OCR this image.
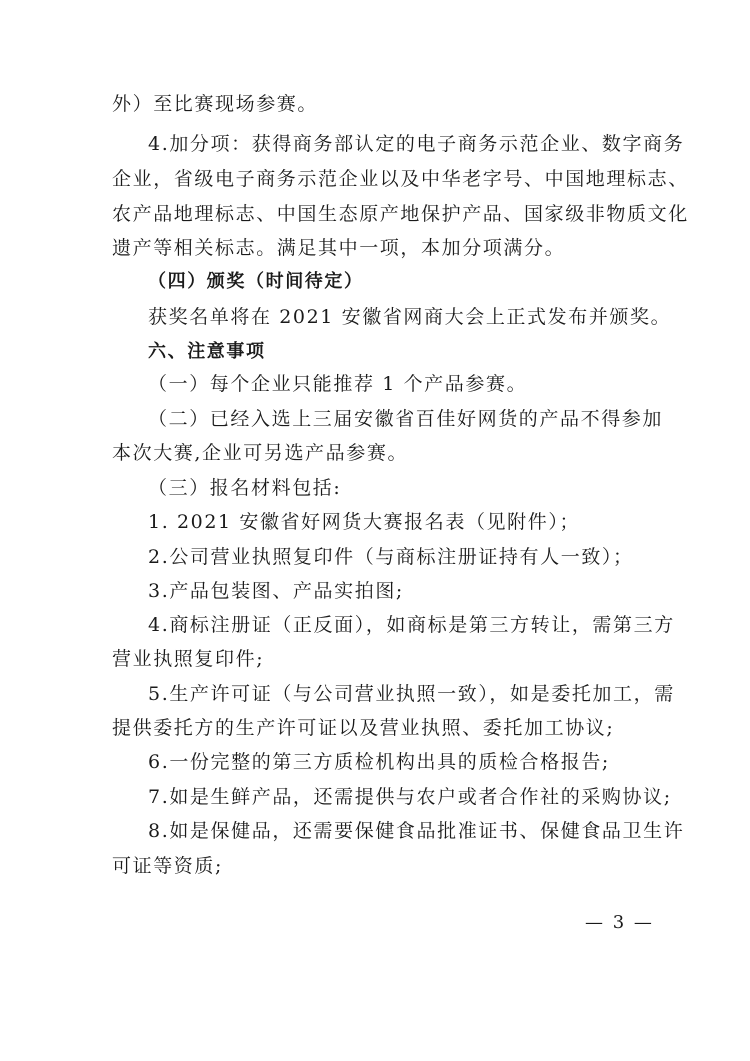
外）至比赛现场参赛。
4.加分项：获得商务部认定的电子商务示范企业、数字商务
企业，省级电子商务示范企业以及中华老字号、中国地理标志、
农产品地理标志、中国生态原产地保护产品、国家级非物质文化
遗产等相关标志。满足其中一项，本加分项满分。
（四）颁奖（时间待定）
获奖名单将在 2021 安徽省网商大会上正式发布并颁奖。
六、注意事项
（一）每个企业只能推荐 1 个产品参赛。
（二）已经入选上三届安徽省百佳好网货的产品不得参加
本次大赛,企业可另选产品参赛。
（三）报名材料包括:
1. 2021 安徽省好网货大赛报名表（见附件）；
2.公司营业执照复印件（与商标注册证持有人一致）；
3.产品包装图、产品实拍图;
4.商标注册证（正反面），如商标是第三方转让，需第三方
营业执照复印件;
5.生产许可证（与公司营业执照一致），如是委托加工，需
提供委托方的生产许可证以及营业执照、委托加工协议;
6.一份完整的第三方质检机构出具的质检合格报告;
7.如是生鲜产品，还需提供与农户或者合作社的采购协议;
8.如是保健品，还需要保健食品批准证书、保健食品卫生许
可证等资质;
— 3 —
